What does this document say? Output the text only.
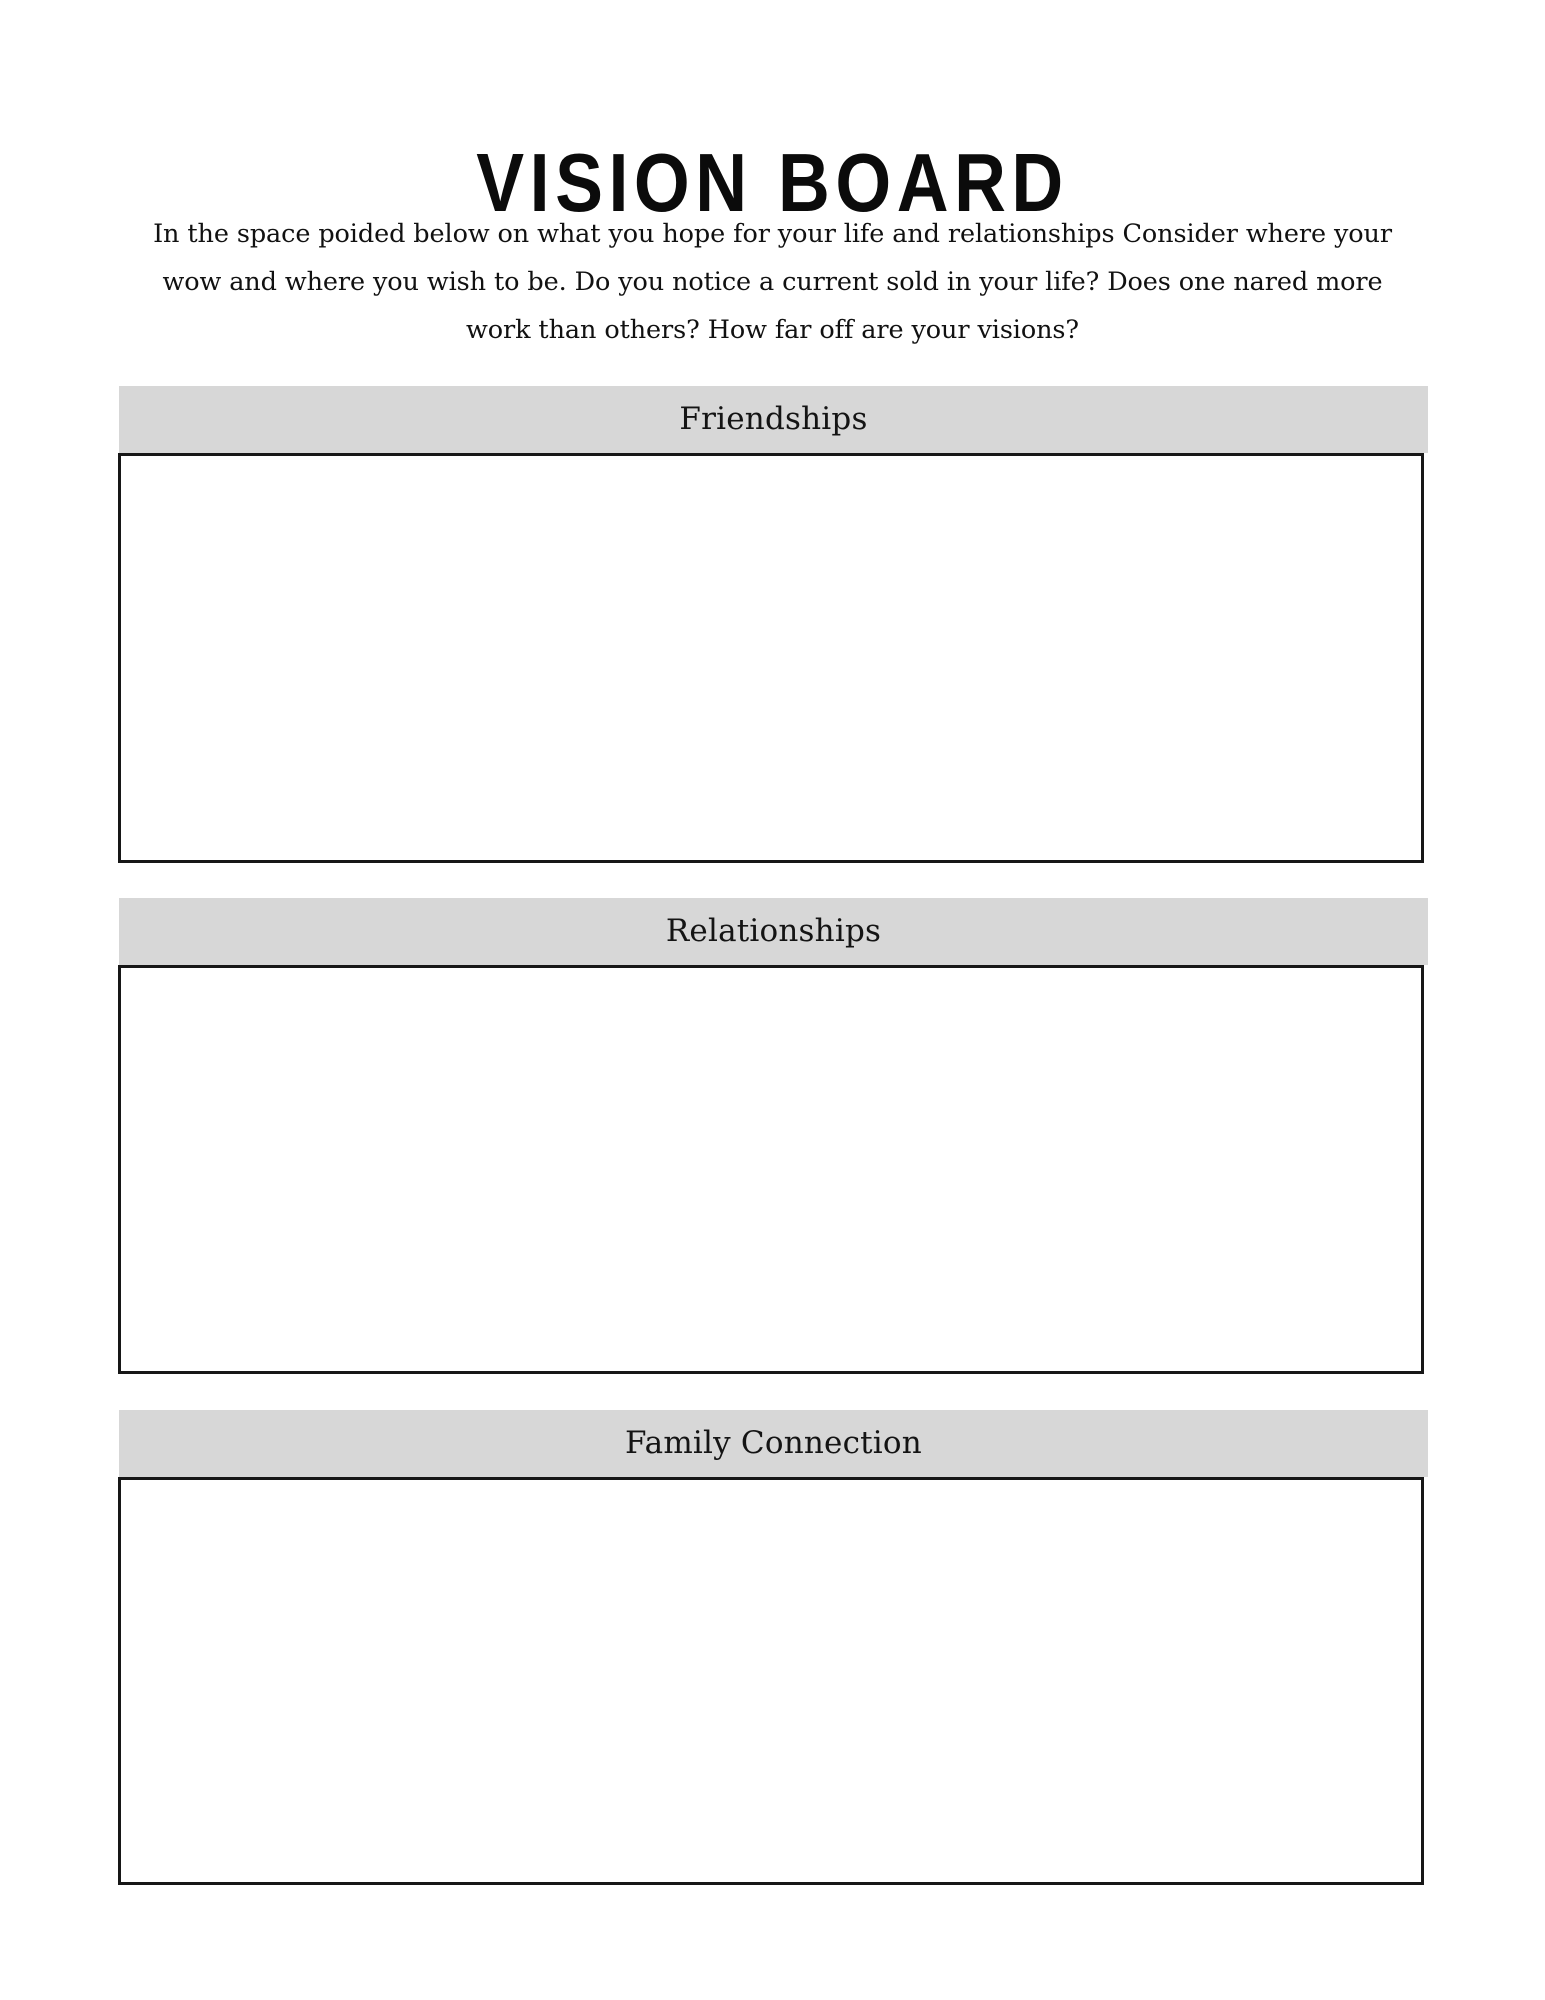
VISION BOARD
In the space poided below on what you hope for your life and relationships Consider where your
wow and where you wish to be. Do you notice a current sold in your life? Does one nared more
work than others? How far off are your visions?
Friendships
Relationships
Family Connection
